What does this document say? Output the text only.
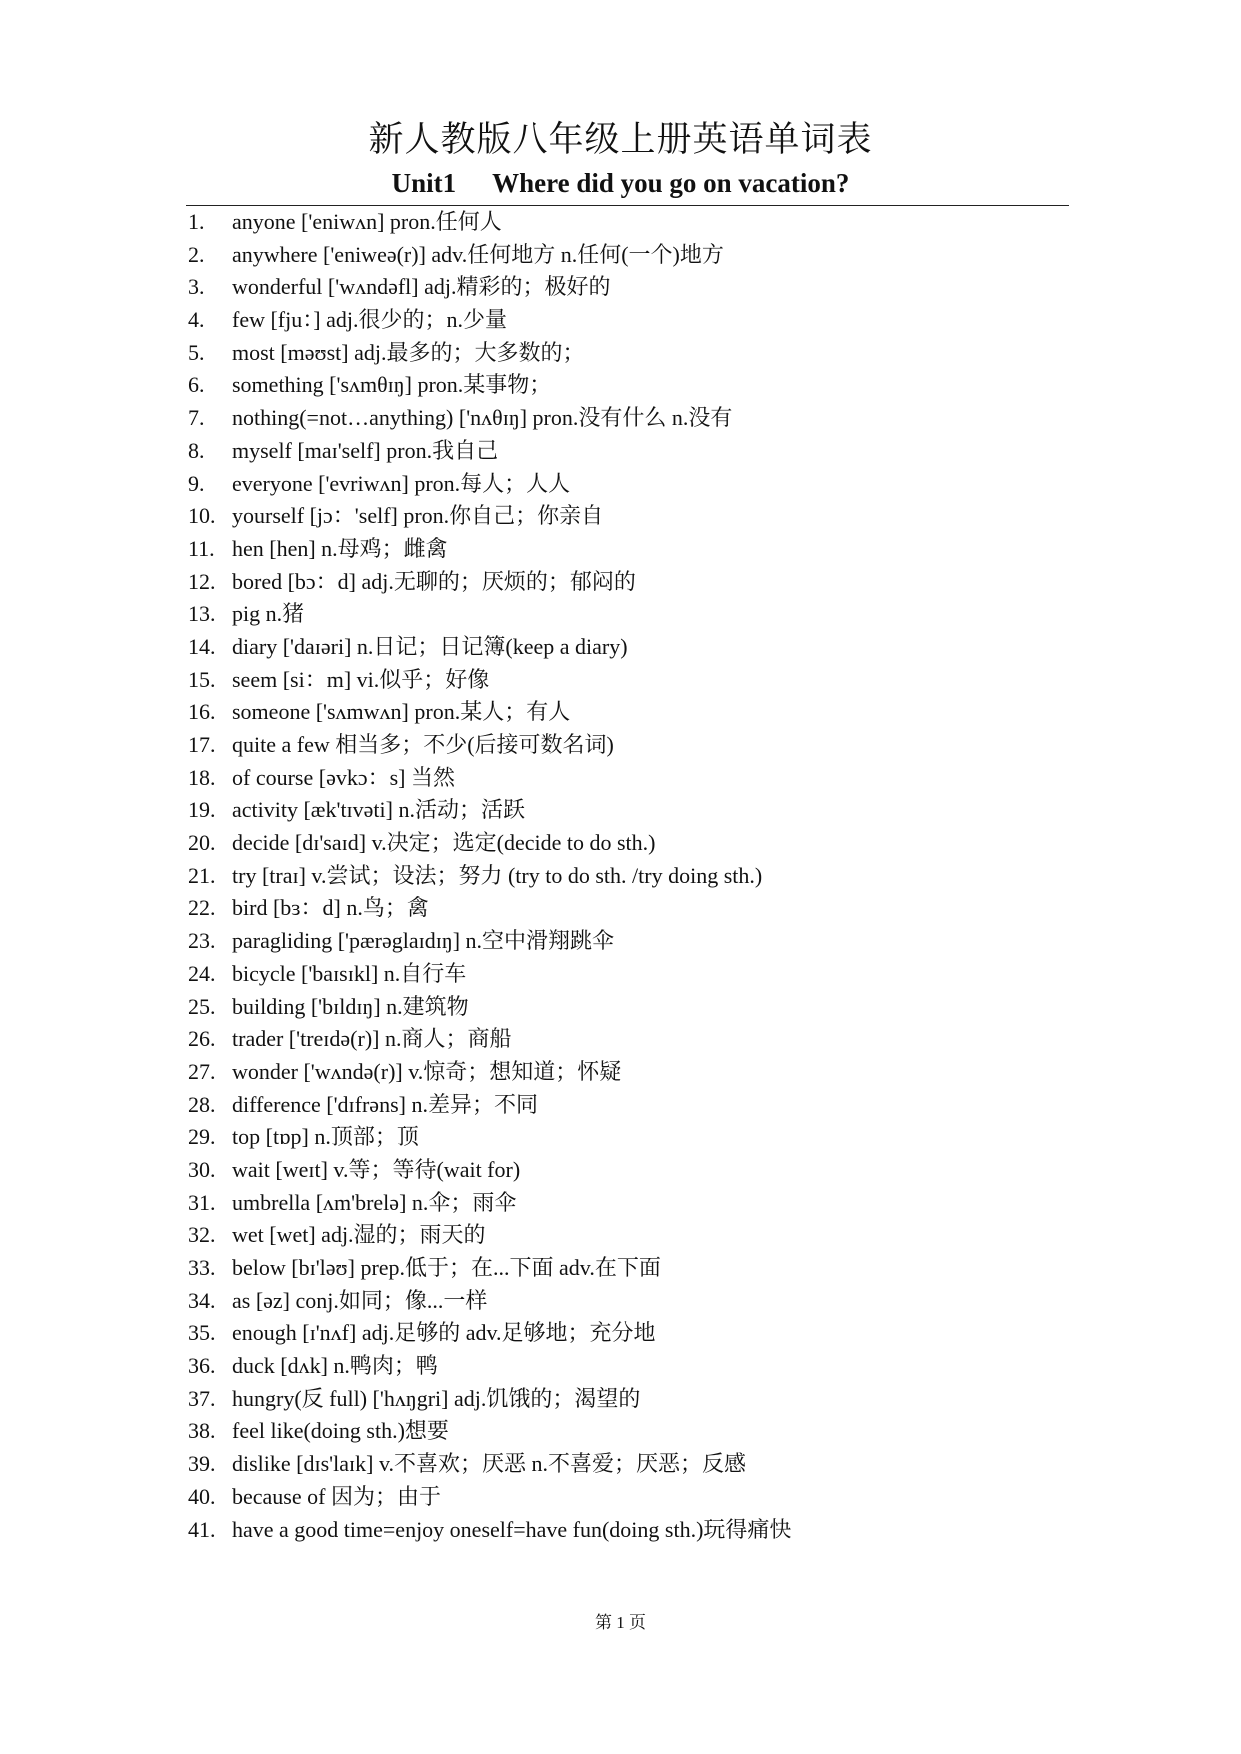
新人教版八年级上册英语单词表
Unit1 Where did you go on vacation?
1.	anyone ['eniwʌn] pron.任何人
2.	anywhere ['eniweə(r)] adv.任何地方 n.任何(一个)地方
3.	wonderful ['wʌndəfl] adj.精彩的；极好的
4.	few [fju：] adj.很少的；n.少量
5.	most [məʊst] adj.最多的；大多数的；
6.	something ['sʌmθɪŋ] pron.某事物；
7.	nothing(=not…anything) ['nʌθɪŋ] pron.没有什么 n.没有
8.	myself [maɪ'self] pron.我自己
9.	everyone ['evriwʌn] pron.每人；人人
10. yourself [jɔ：'self] pron.你自己；你亲自
11. hen [hen] n.母鸡；雌禽
12. bored [bɔ：d] adj.无聊的；厌烦的；郁闷的
13. pig n.猪
14. diary ['daɪəri] n.日记；日记簿(keep a diary)
15. seem [si：m] vi.似乎；好像
16. someone ['sʌmwʌn] pron.某人；有人
17. quite a few 相当多；不少(后接可数名词)
18. of course [əvkɔ：s] 当然
19. activity [æk'tɪvəti] n.活动；活跃
20. decide [dɪ'saɪd] v.决定；选定(decide to do sth.)
21. try [traɪ] v.尝试；设法；努力 (try to do sth. /try doing sth.)
22. bird [bɜ：d] n.鸟；禽
23. paragliding ['pærəglaɪdɪŋ] n.空中滑翔跳伞
24. bicycle ['baɪsɪkl] n.自行车
25. building ['bɪldɪŋ] n.建筑物
26. trader ['treɪdə(r)] n.商人；商船
27. wonder ['wʌndə(r)] v.惊奇；想知道；怀疑
28. difference ['dɪfrəns] n.差异；不同
29. top [tɒp] n.顶部；顶
30. wait [weɪt] v.等；等待(wait for)
31. umbrella [ʌm'brelə] n.伞；雨伞
32. wet [wet] adj.湿的；雨天的
33. below [bɪ'ləʊ] prep.低于；在...下面 adv.在下面
34. as [əz] conj.如同；像...一样
35. enough [ɪ'nʌf] adj.足够的 adv.足够地；充分地
36. duck [dʌk] n.鸭肉；鸭
37. hungry(反 full) ['hʌŋgri] adj.饥饿的；渴望的
38. feel like(doing sth.)想要
39. dislike [dɪs'laɪk] v.不喜欢；厌恶 n.不喜爱；厌恶；反感
40. because of 因为；由于
41. have a good time=enjoy oneself=have fun(doing sth.)玩得痛快
第 1 页
